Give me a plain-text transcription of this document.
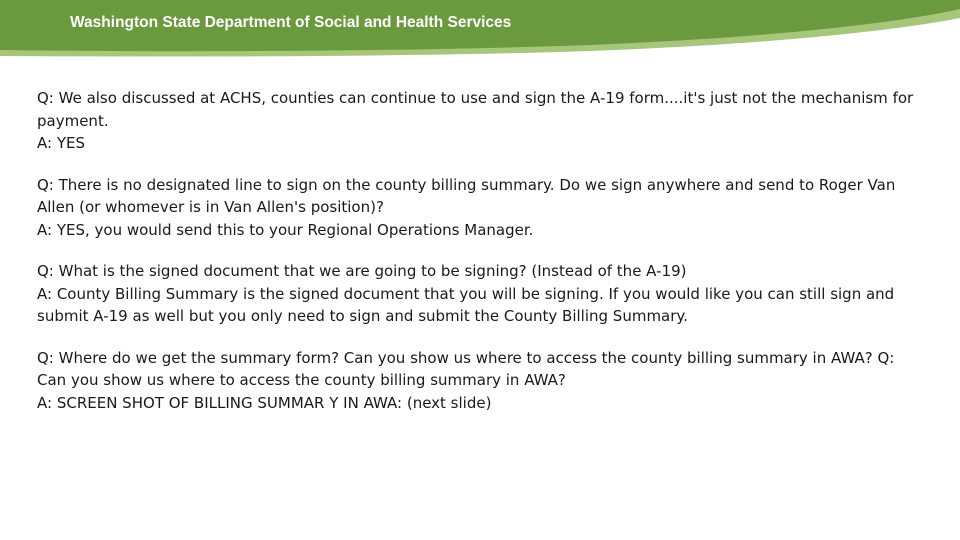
Washington State Department of Social and Health Services

Q: We also discussed at ACHS, counties can continue to use and sign the A-19 form....it's just not the mechanism for payment.

A: YES

Q: There is no designated line to sign on the county billing summary. Do we sign anywhere and send to Roger Van Allen (or whomever is in Van Allen's position)?

A: YES, you would send this to your Regional Operations Manager.

Q: What is the signed document that we are going to be signing? (Instead of the A-19)

A: County Billing Summary is the signed document that you will be signing. If you would like you can still sign and submit A-19 as well but you only need to sign and submit the County Billing Summary.

Q: Where do we get the summary form? Can you show us where to access the county billing summary in AWA? Q: Can you show us where to access the county billing summary in AWA?

A: SCREEN SHOT OF BILLING SUMMAR Y IN AWA: (next slide)
